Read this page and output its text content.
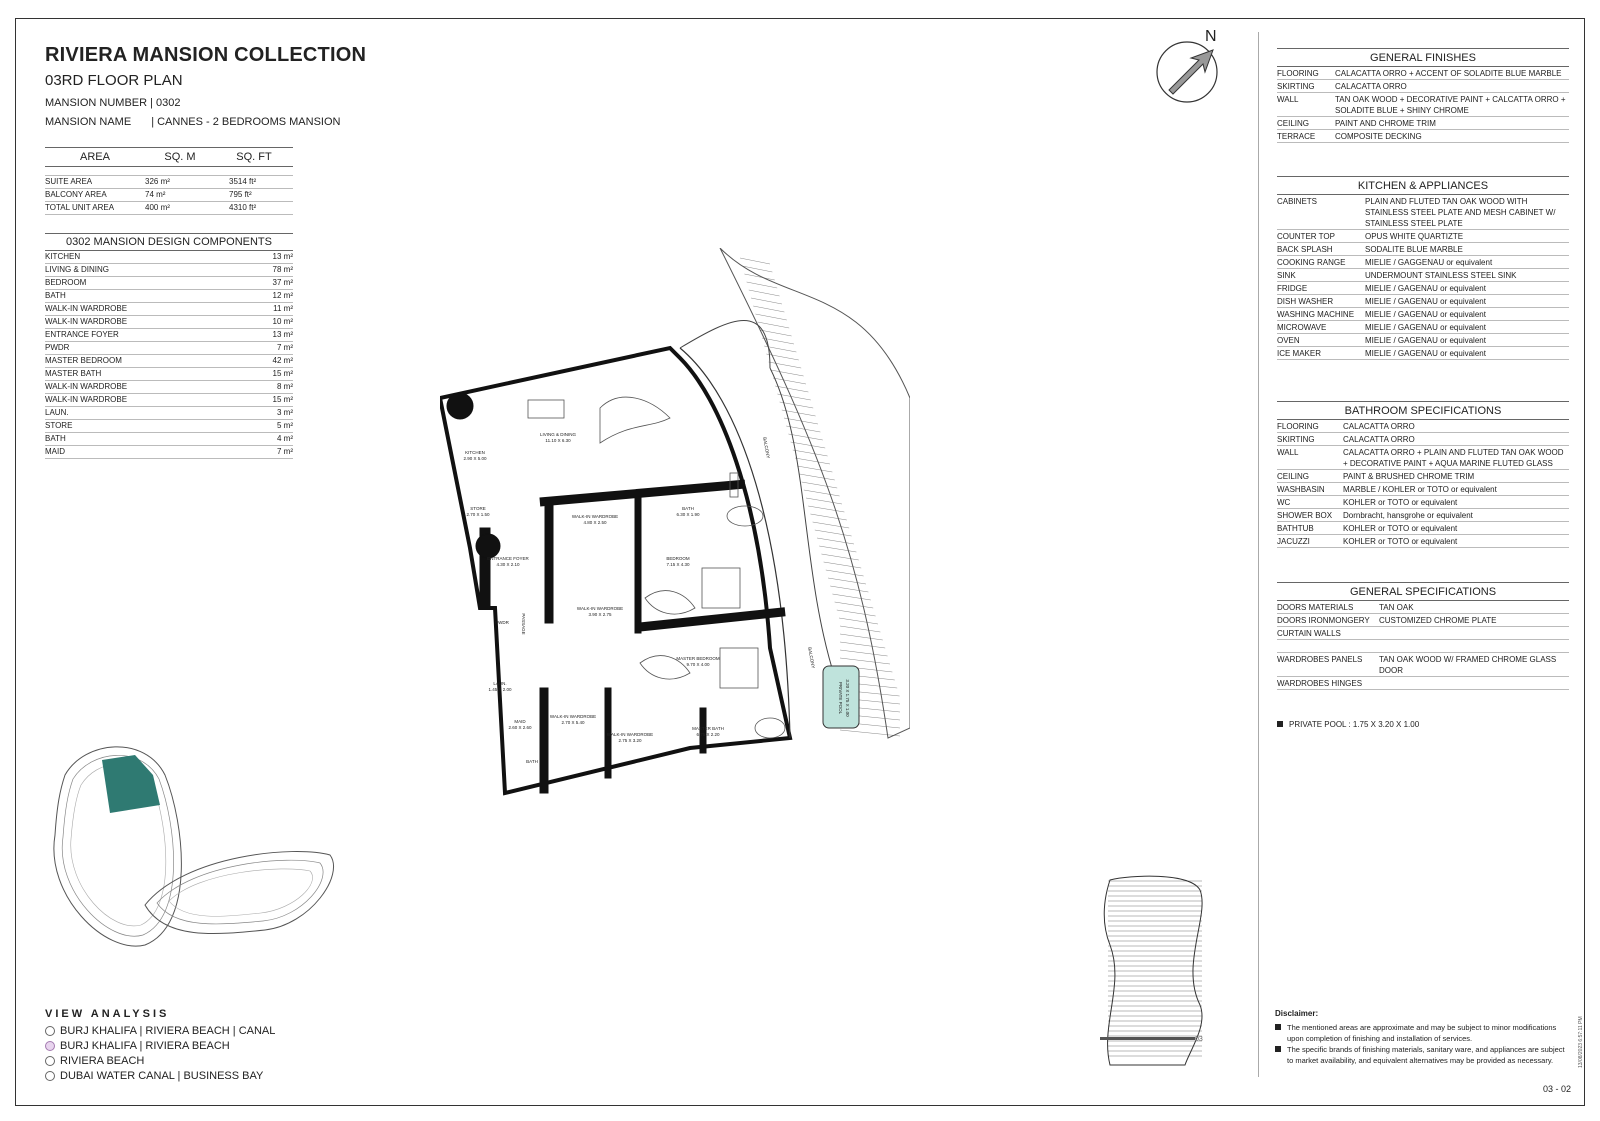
RIVIERA MANSION COLLECTION
03RD FLOOR PLAN
MANSION NUMBER | 0302
MANSION NAME | CANNES - 2 BEDROOMS MANSION
AREA	SQ. M	SQ. FT
SUITE AREA	326 m²	3514 ft²
BALCONY AREA	74 m²	795 ft²
TOTAL UNIT AREA	400 m²	4310 ft²
0302 MANSION DESIGN COMPONENTS
KITCHEN	13 m²
LIVING & DINING	78 m²
BEDROOM	37 m²
BATH	12 m²
WALK-IN WARDROBE	11 m²
WALK-IN WARDROBE	10 m²
ENTRANCE FOYER	13 m²
PWDR	7 m²
MASTER BEDROOM	42 m²
MASTER BATH	15 m²
WALK-IN WARDROBE	8 m²
WALK-IN WARDROBE	15 m²
LAUN.	3 m²
STORE	5 m²
BATH	4 m²
MAID	7 m²
N
LIVING & DINING
11.10 X 6.30
KITCHEN
2.90 X 5.00
STORE
2.70 X 1.50
ENTRANCE FOYER
4.30 X 2.10
WALK-IN WARDROBE
4.80 X 2.50
BATH
6.30 X 1.90
BEDROOM
7.15 X 4.30
WALK-IN WARDROBE
3.90 X 2.75
PWDR
MASTER BEDROOM
9.70 X 4.00
LAUN.
1.45 X 2.00
MAID
2.60 X 2.60
BATH
WALK-IN WARDROBE
2.70 X 5.40
WALK-IN WARDROBE
2.75 X 3.20
MASTER BATH
6.75 X 2.20
BALCONY
BALCONY
PASSAGE
PRIVATE POOL 3.20 X 1.75 X 1.00
03
VIEW ANALYSIS
BURJ KHALIFA | RIVIERA BEACH | CANAL
BURJ KHALIFA | RIVIERA BEACH
RIVIERA BEACH
DUBAI WATER CANAL | BUSINESS BAY
GENERAL FINISHES
FLOORING	CALACATTA ORRO + ACCENT OF SOLADITE BLUE MARBLE
SKIRTING	CALACATTA ORRO
WALL	TAN OAK WOOD + DECORATIVE PAINT + CALCATTA ORRO + SOLADITE BLUE + SHINY CHROME
CEILING	PAINT AND CHROME TRIM
TERRACE	COMPOSITE DECKING
KITCHEN & APPLIANCES
CABINETS	PLAIN AND FLUTED TAN OAK WOOD WITH STAINLESS STEEL PLATE AND MESH CABINET W/ STAINLESS STEEL PLATE
COUNTER TOP	OPUS WHITE QUARTIZTE
BACK SPLASH	SODALITE BLUE MARBLE
COOKING RANGE	MIELIE / GAGGENAU or equivalent
SINK	UNDERMOUNT STAINLESS STEEL SINK
FRIDGE	MIELIE / GAGENAU or equivalent
DISH WASHER	MIELIE / GAGENAU or equivalent
WASHING MACHINE	MIELIE / GAGENAU or equivalent
MICROWAVE	MIELIE / GAGENAU or equivalent
OVEN	MIELIE / GAGENAU or equivalent
ICE MAKER	MIELIE / GAGENAU or equivalent
BATHROOM SPECIFICATIONS
FLOORING	CALACATTA ORRO
SKIRTING	CALACATTA ORRO
WALL	CALACATTA ORRO + PLAIN AND FLUTED TAN OAK WOOD + DECORATIVE PAINT + AQUA MARINE FLUTED GLASS
CEILING	PAINT & BRUSHED CHROME TRIM
WASHBASIN	MARBLE / KOHLER or TOTO or equivalent
WC	KOHLER or TOTO or equivalent
SHOWER BOX	Dornbracht, hansgrohe or equivalent
BATHTUB	KOHLER or TOTO or equivalent
JACUZZI	KOHLER or TOTO or equivalent
GENERAL SPECIFICATIONS
DOORS MATERIALS	TAN OAK
DOORS IRONMONGERY	CUSTOMIZED CHROME PLATE
CURTAIN WALLS
WARDROBES PANELS	TAN OAK WOOD W/ FRAMED CHROME GLASS DOOR
WARDROBES HINGES
PRIVATE POOL : 1.75 X 3.20 X 1.00
Disclaimer:
The mentioned areas are approximate and may be subject to minor modifications upon completion of finishing and installation of services.
The specific brands of finishing materials, sanitary ware, and appliances are subject to market availability, and equivalent alternatives may be provided as necessary.
03 - 02
13/08/2023 6:57:11 PM
